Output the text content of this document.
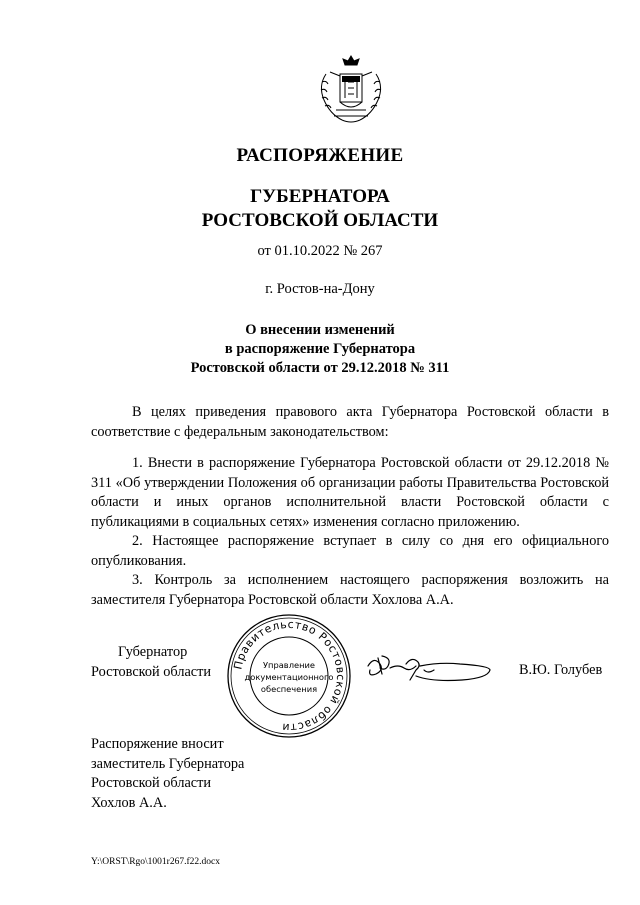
РАСПОРЯЖЕНИЕ
ГУБЕРНАТОРА
РОСТОВСКОЙ ОБЛАСТИ
от 01.10.2022 № 267
г. Ростов-на-Дону
О внесении изменений
в распоряжение Губернатора
Ростовской области от 29.12.2018 № 311

В целях приведения правового акта Губернатора Ростовской области в соответствие с федеральным законодательством:

1. Внести в распоряжение Губернатора Ростовской области от 29.12.2018 № 311 «Об утверждении Положения об организации работы Правительства Ростовской области и иных органов исполнительной власти Ростовской области с публикациями в социальных сетях» изменения согласно приложению.

2. Настоящее распоряжение вступает в силу со дня его официального опубликования.

3. Контроль за исполнением настоящего распоряжения возложить на заместителя Губернатора Ростовской области Хохлова А.А.

Губернатор
Ростовской области Правительство Ростовской области
Управление
документационного
обеспечения
В.Ю. Голубев
Распоряжение вносит
заместитель Губернатора
Ростовской области
Хохлов А.А.
Y:\ORST\Rgo\1001r267.f22.docx
